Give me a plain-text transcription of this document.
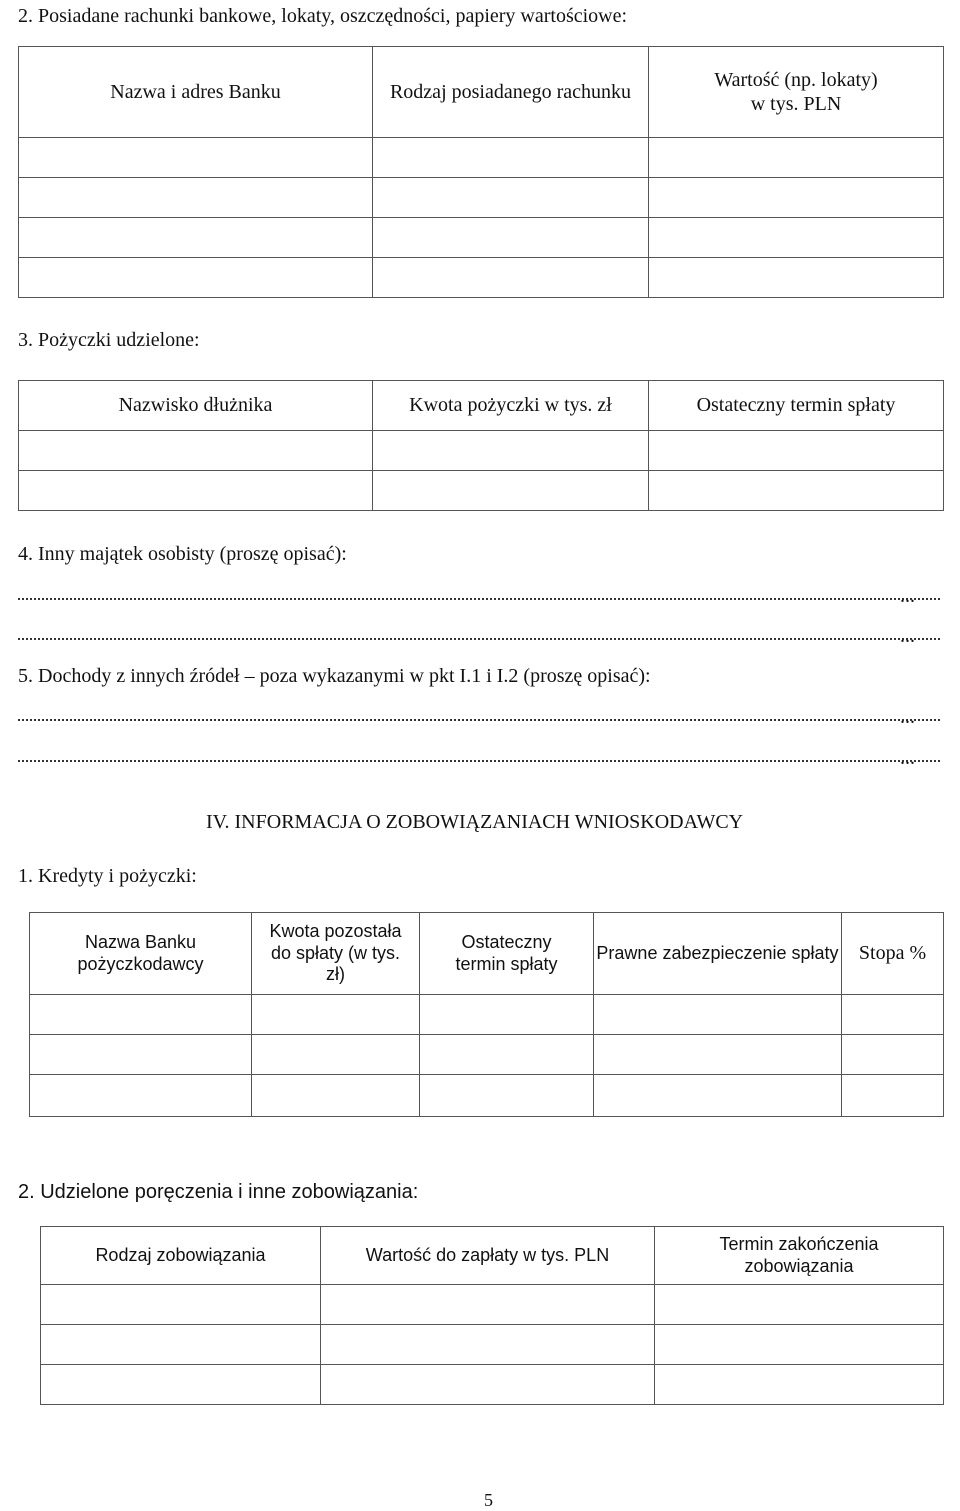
2. Posiadane rachunki bankowe, lokaty, oszczędności, papiery wartościowe:
Nazwa i adres Banku	Rodzaj posiadanego rachunku	Wartość (np. lokaty) w tys. PLN

3. Pożyczki udzielone:
Nazwisko dłużnika	Kwota pożyczki w tys. zł	Ostateczny termin spłaty

4. Inny majątek osobisty (proszę opisać):
...
...
5. Dochody z innych źródeł – poza wykazanymi w pkt I.1 i I.2 (proszę opisać):
...
...
IV. INFORMACJA O ZOBOWIĄZANIACH WNIOSKODAWCY
1. Kredyty i pożyczki:
Nazwa Banku pożyczkodawcy	Kwota pozostała do spłaty (w tys. zł)	Ostateczny termin spłaty	Prawne zabezpieczenie spłaty	Stopa %

2. Udzielone poręczenia i inne zobowiązania:
Rodzaj zobowiązania	Wartość do zapłaty w tys. PLN	Termin zakończenia zobowiązania

5
